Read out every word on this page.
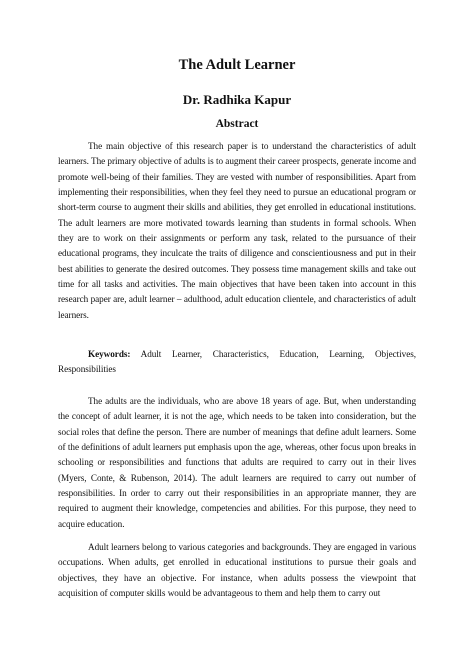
The Adult Learner
Dr. Radhika Kapur
Abstract

The main objective of this research paper is to understand the characteristics of adult learners. The primary objective of adults is to augment their career prospects, generate income and promote well-being of their families. They are vested with number of responsibilities. Apart from implementing their responsibilities, when they feel they need to pursue an educational program or short-term course to augment their skills and abilities, they get enrolled in educational institutions. The adult learners are more motivated towards learning than students in formal schools. When they are to work on their assignments or perform any task, related to the pursuance of their educational programs, they inculcate the traits of diligence and conscientiousness and put in their best abilities to generate the desired outcomes. They possess time management skills and take out time for all tasks and activities. The main objectives that have been taken into account in this research paper are, adult learner – adulthood, adult education clientele, and characteristics of adult learners.

Keywords: Adult Learner, Characteristics, Education, Learning, Objectives, Responsibilities

The adults are the individuals, who are above 18 years of age. But, when understanding the concept of adult learner, it is not the age, which needs to be taken into consideration, but the social roles that define the person. There are number of meanings that define adult learners. Some of the definitions of adult learners put emphasis upon the age, whereas, other focus upon breaks in schooling or responsibilities and functions that adults are required to carry out in their lives (Myers, Conte, & Rubenson, 2014). The adult learners are required to carry out number of responsibilities. In order to carry out their responsibilities in an appropriate manner, they are required to augment their knowledge, competencies and abilities. For this purpose, they need to acquire education.

Adult learners belong to various categories and backgrounds. They are engaged in various occupations. When adults, get enrolled in educational institutions to pursue their goals and objectives, they have an objective. For instance, when adults possess the viewpoint that acquisition of computer skills would be advantageous to them and help them to carry out
